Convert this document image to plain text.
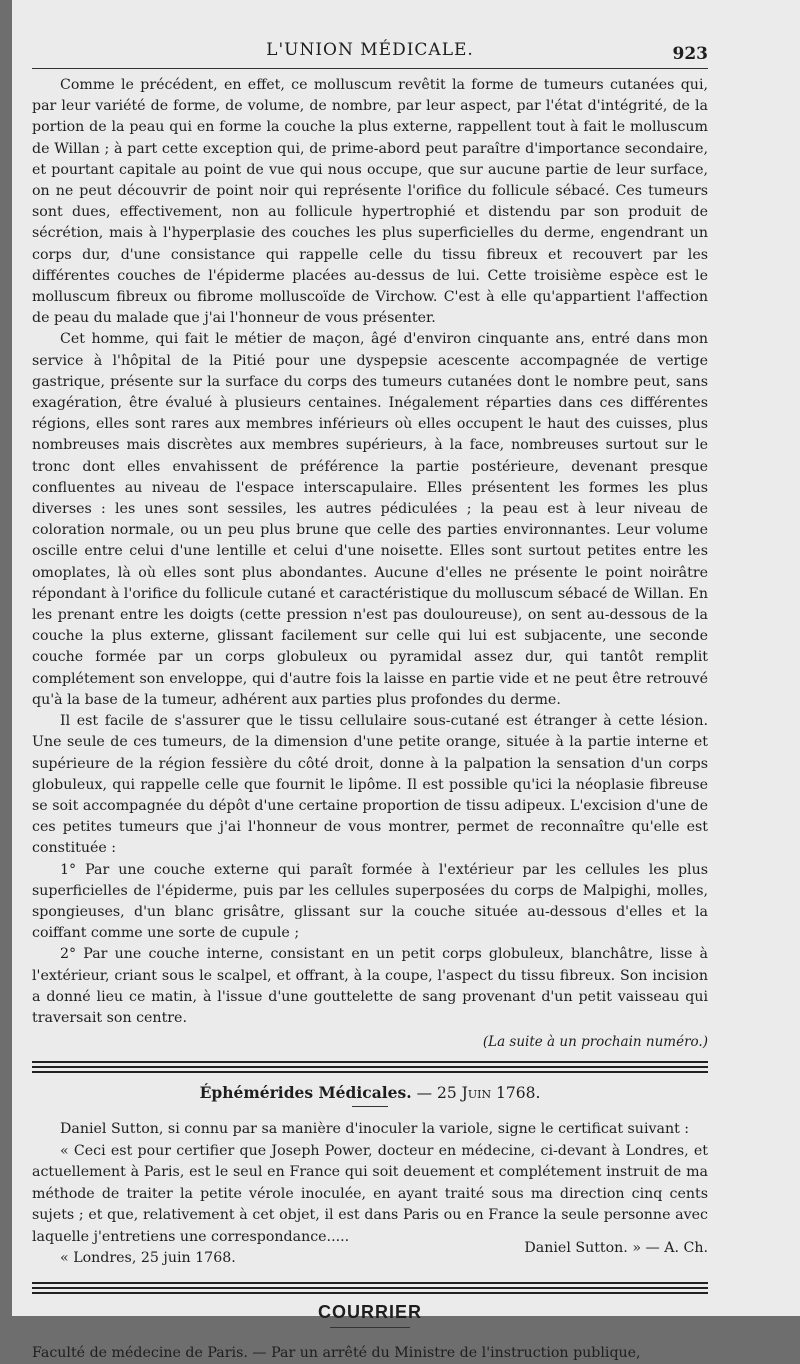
L'UNION MÉDICALE.	923

Comme le précédent, en effet, ce molluscum revêtit la forme de tumeurs cutanées qui, par leur variété de forme, de volume, de nombre, par leur aspect, par l'état d'intégrité, de la portion de la peau qui en forme la couche la plus externe, rappellent tout à fait le molluscum de Willan ; à part cette exception qui, de prime-abord peut paraître d'importance secondaire, et pourtant capitale au point de vue qui nous occupe, que sur aucune partie de leur surface, on ne peut découvrir de point noir qui représente l'orifice du follicule sébacé. Ces tumeurs sont dues, effectivement, non au follicule hypertrophié et distendu par son produit de sécrétion, mais à l'hyperplasie des couches les plus superficielles du derme, engendrant un corps dur, d'une consistance qui rappelle celle du tissu fibreux et recouvert par les différentes couches de l'épiderme placées au-dessus de lui. Cette troisième espèce est le molluscum fibreux ou fibrome molluscoïde de Virchow. C'est à elle qu'appartient l'affection de peau du malade que j'ai l'honneur de vous présenter.

Cet homme, qui fait le métier de maçon, âgé d'environ cinquante ans, entré dans mon service à l'hôpital de la Pitié pour une dyspepsie acescente accompagnée de vertige gastrique, présente sur la surface du corps des tumeurs cutanées dont le nombre peut, sans exagération, être évalué à plusieurs centaines. Inégalement réparties dans ces différentes régions, elles sont rares aux membres inférieurs où elles occupent le haut des cuisses, plus nombreuses mais discrètes aux membres supérieurs, à la face, nombreuses surtout sur le tronc dont elles envahissent de préférence la partie postérieure, devenant presque confluentes au niveau de l'espace interscapulaire. Elles présentent les formes les plus diverses : les unes sont sessiles, les autres pédiculées ; la peau est à leur niveau de coloration normale, ou un peu plus brune que celle des parties environnantes. Leur volume oscille entre celui d'une lentille et celui d'une noisette. Elles sont surtout petites entre les omoplates, là où elles sont plus abondantes. Aucune d'elles ne présente le point noirâtre répondant à l'orifice du follicule cutané et caractéristique du molluscum sébacé de Willan. En les prenant entre les doigts (cette pression n'est pas douloureuse), on sent au-dessous de la couche la plus externe, glissant facilement sur celle qui lui est subjacente, une seconde couche formée par un corps globuleux ou pyramidal assez dur, qui tantôt remplit complétement son enveloppe, qui d'autre fois la laisse en partie vide et ne peut être retrouvé qu'à la base de la tumeur, adhérent aux parties plus profondes du derme.

Il est facile de s'assurer que le tissu cellulaire sous-cutané est étranger à cette lésion. Une seule de ces tumeurs, de la dimension d'une petite orange, située à la partie interne et supérieure de la région fessière du côté droit, donne à la palpation la sensation d'un corps globuleux, qui rappelle celle que fournit le lipôme. Il est possible qu'ici la néoplasie fibreuse se soit accompagnée du dépôt d'une certaine proportion de tissu adipeux. L'excision d'une de ces petites tumeurs que j'ai l'honneur de vous montrer, permet de reconnaître qu'elle est constituée :

1° Par une couche externe qui paraît formée à l'extérieur par les cellules les plus superficielles de l'épiderme, puis par les cellules superposées du corps de Malpighi, molles, spongieuses, d'un blanc grisâtre, glissant sur la couche située au-dessous d'elles et la coiffant comme une sorte de cupule ;

2° Par une couche interne, consistant en un petit corps globuleux, blanchâtre, lisse à l'extérieur, criant sous le scalpel, et offrant, à la coupe, l'aspect du tissu fibreux. Son incision a donné lieu ce matin, à l'issue d'une gouttelette de sang provenant d'un petit vaisseau qui traversait son centre.

(La suite à un prochain numéro.)
Éphémérides Médicales. — 25 Juin 1768.

Daniel Sutton, si connu par sa manière d'inoculer la variole, signe le certificat suivant :

« Ceci est pour certifier que Joseph Power, docteur en médecine, ci-devant à Londres, et actuellement à Paris, est le seul en France qui soit deuement et complétement instruit de ma méthode de traiter la petite vérole inoculée, en ayant traité sous ma direction cinq cents sujets ; et que, relativement à cet objet, il est dans Paris ou en France la seule personne avec laquelle j'entretiens une correspondance.....

« Londres, 25 juin 1768.
Daniel Sutton. » — A. Ch.
COURRIER
Faculté de médecine de Paris. — Par un arrêté du Ministre de l'instruction publique,
